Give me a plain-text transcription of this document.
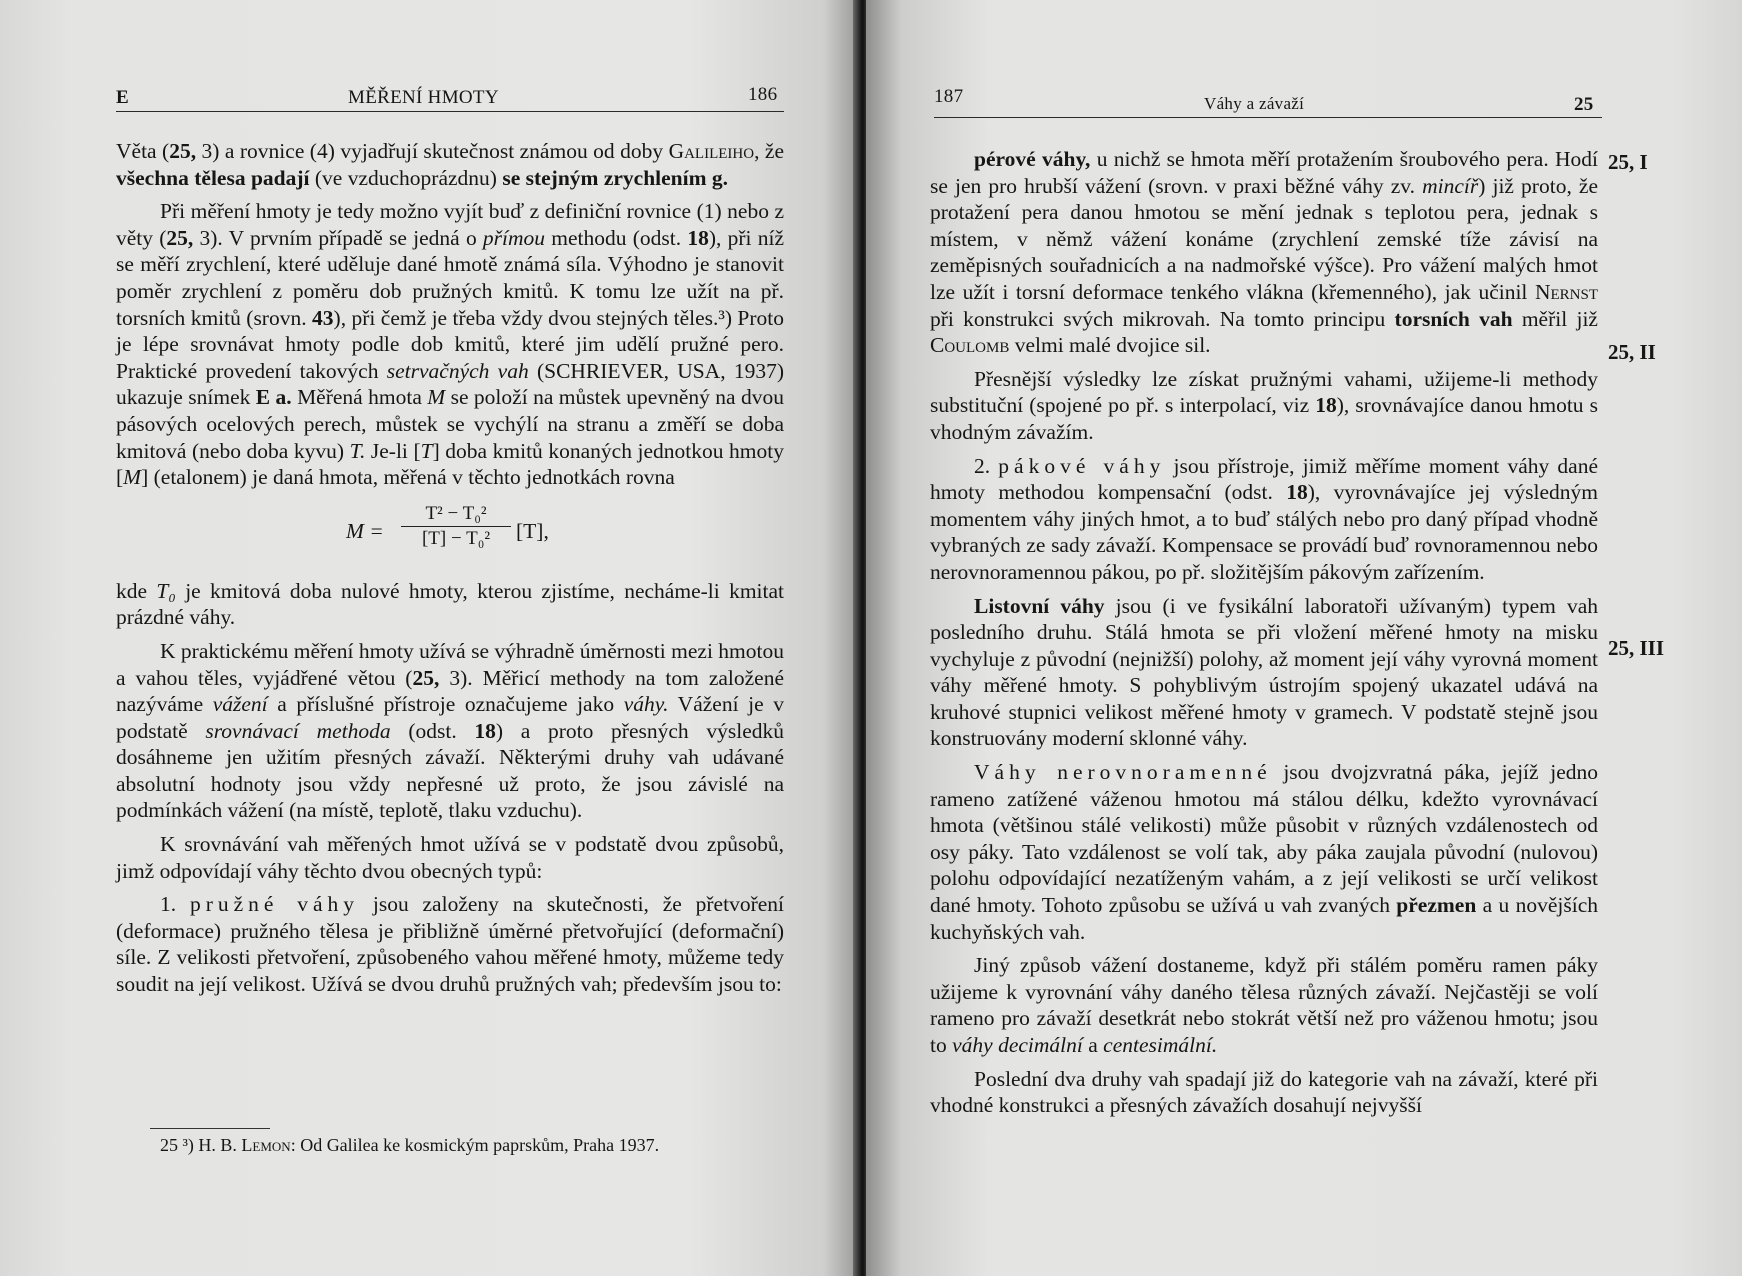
E	MĚŘENÍ HMOTY	186

Věta (25, 3) a rovnice (4) vyjadřují skutečnost známou od doby Galileiho, že všechna tělesa padají (ve vzduchoprázdnu) se stejným zrychlením g.

Při měření hmoty je tedy možno vyjít buď z definiční rovnice (1) nebo z věty (25, 3). V prvním případě se jedná o přímou methodu (odst. 18), při níž se měří zrychlení, které uděluje dané hmotě známá síla. Výhodno je stanovit poměr zrychlení z poměru dob pružných kmitů. K tomu lze užít na př. torsních kmitů (srovn. 43), při čemž je třeba vždy dvou stejných těles.³) Proto je lépe srovnávat hmoty podle dob kmitů, které jim udělí pružné pero. Praktické provedení takových setrvačných vah (SCHRIEVER, USA, 1937) ukazuje snímek E a. Měřená hmota M se položí na můstek upevněný na dvou pásových ocelových perech, můstek se vychýlí na stranu a změří se doba kmitová (nebo doba kyvu) T. Je-li [T] doba kmitů konaných jednotkou hmoty [M] (etalonem) je daná hmota, měřená v těchto jednotkách rovna

$M = \frac{\text{T² − T₀²}}{\text{[T] − T₀²}} [T]$,

kde T₀ je kmitová doba nulové hmoty, kterou zjistíme, necháme-li kmitat prázdné váhy.

K praktickému měření hmoty užívá se výhradně úměrnosti mezi hmotou a vahou těles, vyjádřené větou (25, 3). Měřicí methody na tom založené nazýváme vážení a příslušné přístroje označujeme jako váhy. Vážení je v podstatě srovnávací methoda (odst. 18) a proto přesných výsledků dosáhneme jen užitím přesných závaží. Některými druhy vah udávané absolutní hodnoty jsou vždy nepřesné už proto, že jsou závislé na podmínkách vážení (na místě, teplotě, tlaku vzduchu).

K srovnávání vah měřených hmot užívá se v podstatě dvou způsobů, jimž odpovídají váhy těchto dvou obecných typů:

1. pružné váhy jsou založeny na skutečnosti, že přetvoření (deformace) pružného tělesa je přibližně úměrné přetvořující (deformační) síle. Z velikosti přetvoření, způsobeného vahou měřené hmoty, můžeme tedy soudit na její velikost. Užívá se dvou druhů pružných vah; především jsou to:

25 ³) H. B. Lemon: Od Galilea ke kosmickým paprskům, Praha 1937.
187	Váhy a závaží	25
25, I
25, II
25, III

pérové váhy, u nichž se hmota měří protažením šroubového pera. Hodí se jen pro hrubší vážení (srovn. v praxi běžné váhy zv. mincíř) již proto, že protažení pera danou hmotou se mění jednak s teplotou pera, jednak s místem, v němž vážení konáme (zrychlení zemské tíže závisí na zeměpisných souřadnicích a na nadmořské výšce). Pro vážení malých hmot lze užít i torsní deformace tenkého vlákna (křemenného), jak učinil Nernst při konstrukci svých mikrovah. Na tomto principu torsních vah měřil již Coulomb velmi malé dvojice sil.

Přesnější výsledky lze získat pružnými vahami, užijeme-li methody substituční (spojené po př. s interpolací, viz 18), srovnávajíce danou hmotu s vhodným závažím.

2. pákové váhy jsou přístroje, jimiž měříme moment váhy dané hmoty methodou kompensační (odst. 18), vyrovnávajíce jej výsledným momentem váhy jiných hmot, a to buď stálých nebo pro daný případ vhodně vybraných ze sady závaží. Kompensace se provádí buď rovnoramennou nebo nerovnoramennou pákou, po př. složitějším pákovým zařízením.

Listovní váhy jsou (i ve fysikální laboratoři užívaným) typem vah posledního druhu. Stálá hmota se při vložení měřené hmoty na misku vychyluje z původní (nejnižší) polohy, až moment její váhy vyrovná moment váhy měřené hmoty. S pohyblivým ústrojím spojený ukazatel udává na kruhové stupnici velikost měřené hmoty v gramech. V podstatě stejně jsou konstruovány moderní sklonné váhy.

Váhy nerovnoramenné jsou dvojzvratná páka, jejíž jedno rameno zatížené váženou hmotou má stálou délku, kdežto vyrovnávací hmota (většinou stálé velikosti) může působit v různých vzdálenostech od osy páky. Tato vzdálenost se volí tak, aby páka zaujala původní (nulovou) polohu odpovídající nezatíženým vahám, a z její velikosti se určí velikost dané hmoty. Tohoto způsobu se užívá u vah zvaných přezmen a u novějších kuchyňských vah.

Jiný způsob vážení dostaneme, když při stálém poměru ramen páky užijeme k vyrovnání váhy daného tělesa různých závaží. Nejčastěji se volí rameno pro závaží desetkrát nebo stokrát větší než pro váženou hmotu; jsou to váhy decimální a centesimální.

Poslední dva druhy vah spadají již do kategorie vah na závaží, které při vhodné konstrukci a přesných závažích dosahují nejvyšší
